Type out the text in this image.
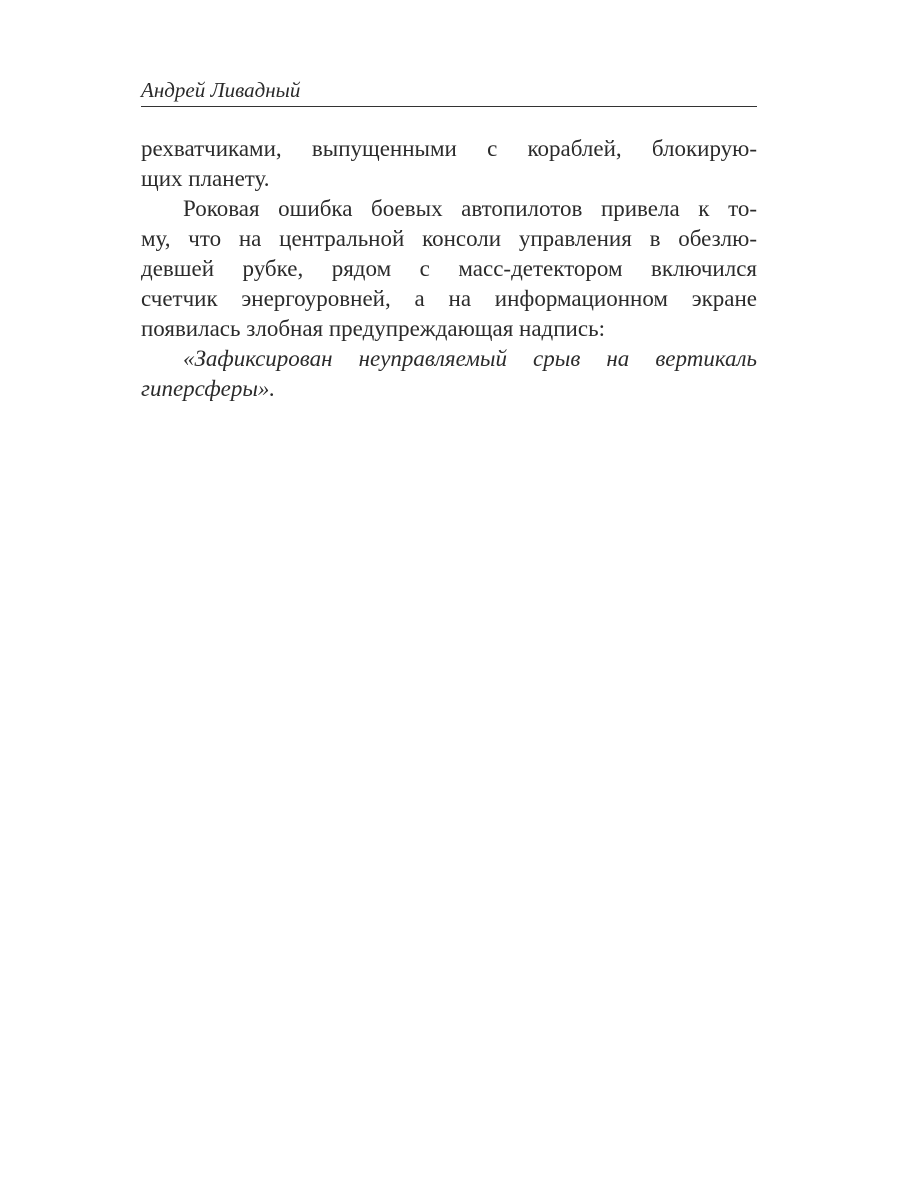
Андрей Ливадный
рехватчиками, выпущенными с кораблей, блокирую-
щих планету.
Роковая ошибка боевых автопилотов привела к то-
му, что на центральной консоли управления в обезлю-
девшей рубке, рядом с масс-детектором включился
счетчик энергоуровней, а на информационном экране
появилась злобная предупреждающая надпись:
«Зафиксирован неуправляемый срыв на вертикаль
гиперсферы».
